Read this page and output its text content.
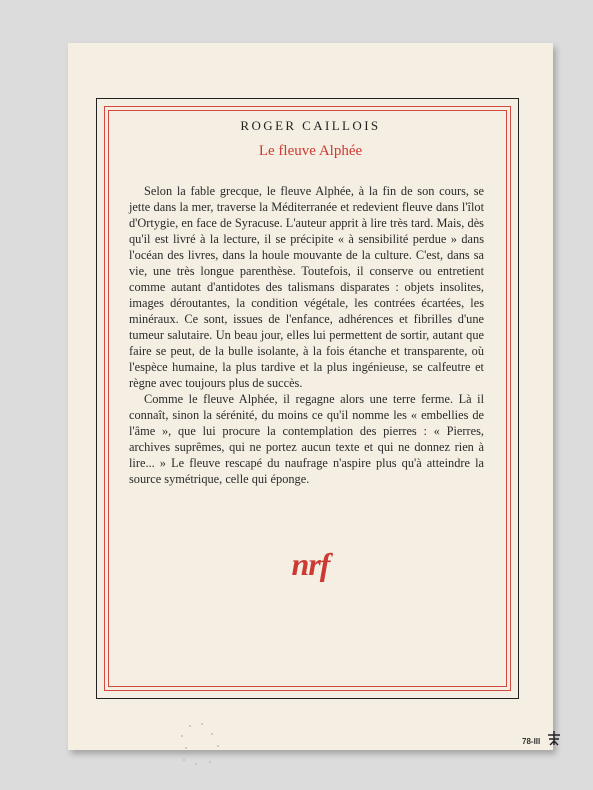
ROGER CAILLOIS
Le fleuve Alphée

Selon la fable grecque, le fleuve Alphée, à la fin de son cours, se jette dans la mer, traverse la Méditerranée et redevient fleuve dans l'îlot d'Ortygie, en face de Syracuse. L'auteur apprit à lire très tard. Mais, dès qu'il est livré à la lecture, il se précipite « à sensibilité perdue » dans l'océan des livres, dans la houle mouvante de la culture. C'est, dans sa vie, une très longue parenthèse. Toutefois, il conserve ou entretient comme autant d'antidotes des talismans disparates : objets insolites, images déroutantes, la condition végétale, les contrées écartées, les minéraux. Ce sont, issues de l'enfance, adhérences et fibrilles d'une tumeur salutaire. Un beau jour, elles lui permettent de sortir, autant que faire se peut, de la bulle isolante, à la fois étanche et transparente, où l'espèce humaine, la plus tardive et la plus ingénieuse, se calfeutre et règne avec toujours plus de succès.

Comme le fleuve Alphée, il regagne alors une terre ferme. Là il connaît, sinon la sérénité, du moins ce qu'il nomme les « embellies de l'âme », que lui procure la contemplation des pierres : « Pierres, archives suprêmes, qui ne portez aucun texte et qui ne donnez rien à lire... » Le fleuve rescapé du naufrage n'aspire plus qu'à atteindre la source symétrique, celle qui éponge.

nrf
78-III
